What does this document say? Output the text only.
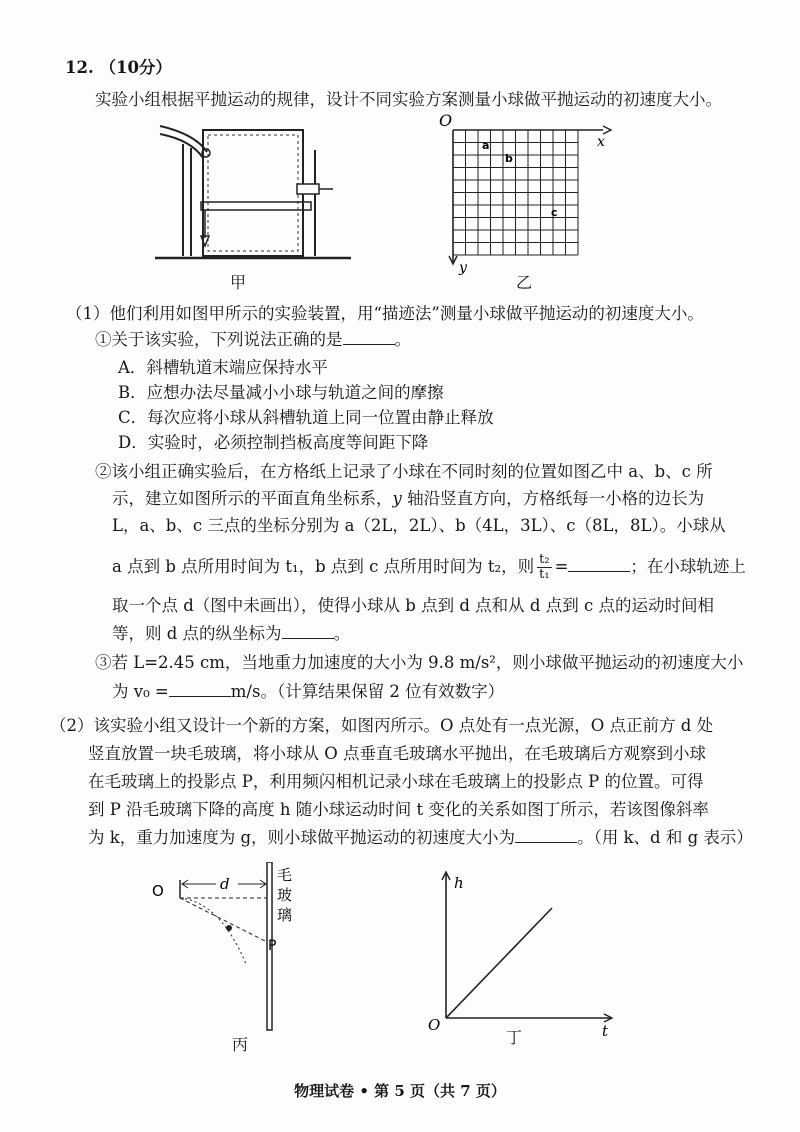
12. （10分）
实验小组根据平抛运动的规律，设计不同实验方案测量小球做平抛运动的初速度大小。
甲
O
x
y
a
b
c
乙
（1）他们利用如图甲所示的实验装置，用“描迹法”测量小球做平抛运动的初速度大小。
①关于该实验，下列说法正确的是	。
A．斜槽轨道末端应保持水平
B．应想办法尽量减小小球与轨道之间的摩擦
C．每次应将小球从斜槽轨道上同一位置由静止释放
D．实验时，必须控制挡板高度等间距下降
②该小组正确实验后，在方格纸上记录了小球在不同时刻的位置如图乙中 a、b、c 所
示，建立如图所示的平面直角坐标系，y 轴沿竖直方向，方格纸每一小格的边长为
L，a、b、c 三点的坐标分别为 a（2L，2L）、b（4L，3L）、c（8L，8L）。小球从
a 点到 b 点所用时间为 t₁，b 点到 c 点所用时间为 t₂，则 $\frac{\text{t₂}}{\text{t₁}}$ =	；在小球轨迹上
取一个点 d（图中未画出），使得小球从 b 点到 d 点和从 d 点到 c 点的运动时间相
等，则 d 点的纵坐标为	。
③若 L=2.45 cm，当地重力加速度的大小为 9.8 m/s²，则小球做平抛运动的初速度大小
为 v₀ =	m/s。（计算结果保留 2 位有效数字）
（2）该实验小组又设计一个新的方案，如图丙所示。O 点处有一点光源，O 点正前方 d 处
竖直放置一块毛玻璃，将小球从 O 点垂直毛玻璃水平抛出，在毛玻璃后方观察到小球
在毛玻璃上的投影点 P，利用频闪相机记录小球在毛玻璃上的投影点 P 的位置。可得
到 P 沿毛玻璃下降的高度 h 随小球运动时间 t 变化的关系如图丁所示，若该图像斜率
为 k，重力加速度为 g，则小球做平抛运动的初速度大小为	。（用 k、d 和 g 表示）
O	d	毛
玻
璃
P
丙
h
O	t
丁
物理试卷 • 第 5 页（共 7 页）
